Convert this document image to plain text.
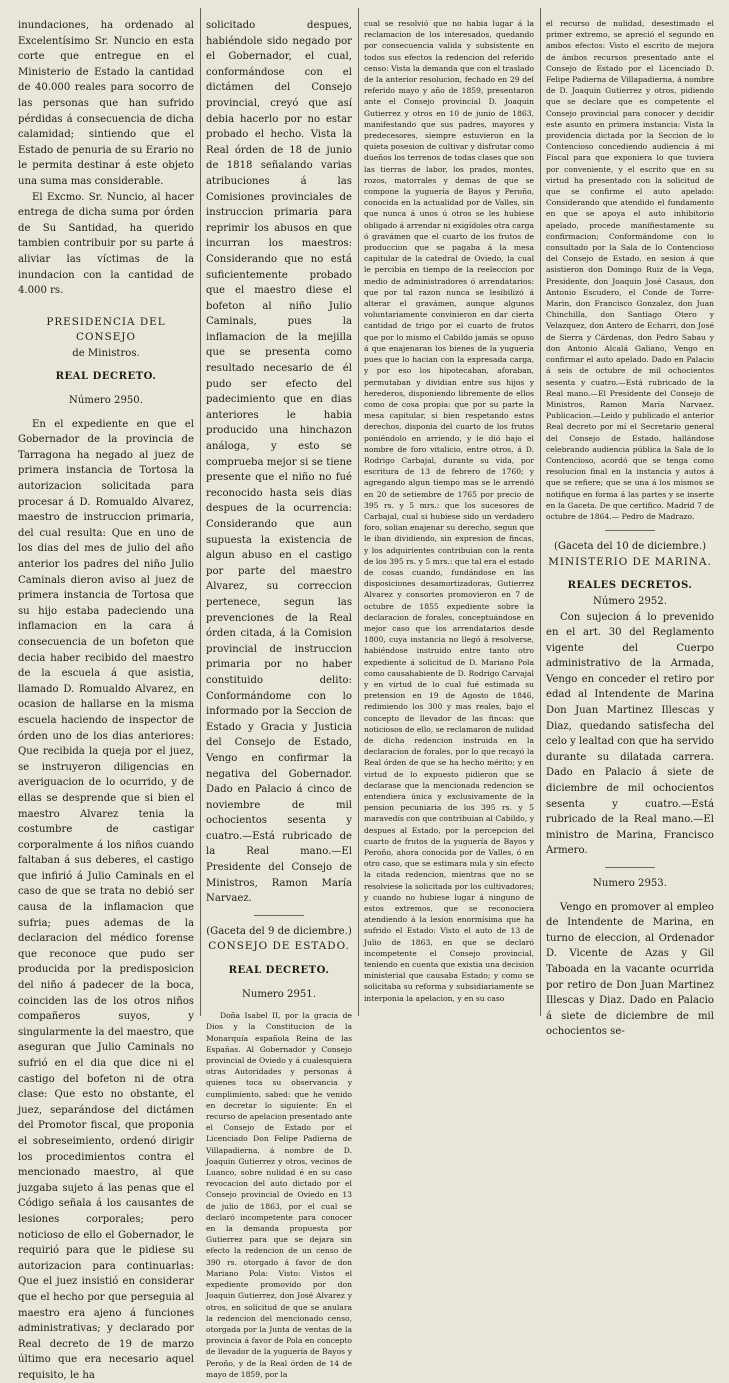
inundaciones, ha ordenado al Excelentísimo Sr. Nuncio en esta corte que entregue en el Ministerio de Estado la cantidad de 40.000 reales para socorro de las personas que han sufrido pérdidas á consecuencia de dicha calamidad; sintiendo que el Estado de penuria de su Erario no le permita destinar á este objeto una suma mas considerable.

El Excmo. Sr. Nuncio, al hacer entrega de dicha suma por órden de Su Santidad, ha querido tambien contribuir por su parte á aliviar las víctimas de la inundacion con la cantidad de 4.000 rs.

PRESIDENCIA DEL CONSEJO

de Ministros.

REAL DECRETO.

Número 2950.

En el expediente en que el Gobernador de la provincia de Tarragona ha negado al juez de primera instancia de Tortosa la autorizacion solicitada para procesar á D. Romualdo Alvarez, maestro de instruccion primaria, del cual resulta: Que en uno de los dias del mes de julio del año anterior los padres del niño Julio Caminals dieron aviso al juez de primera instancia de Tortosa que su hijo estaba padeciendo una inflamacion en la cara á consecuencia de un bofeton que decia haber recibido del maestro de la escuela á que asistia, llamado D. Romualdo Alvarez, en ocasion de hallarse en la misma escuela haciendo de inspector de órden uno de los dias anteriores: Que recibida la queja por el juez, se instruyeron diligencias en averiguacion de lo ocurrido, y de ellas se desprende que si bien el maestro Alvarez tenia la costumbre de castigar corporalmente á los niños cuando faltaban á sus deberes, el castigo que infirió á Julio Caminals en el caso de que se trata no debió ser causa de la inflamacion que sufria; pues ademas de la declaracion del médico forense que reconoce que pudo ser producida por la predisposicion del niño á padecer de la boca, coinciden las de los otros niños compañeros suyos, y singularmente la del maestro, que aseguran que Julio Caminals no sufrió en el dia que dice ni el castigo del bofeton ni de otra clase: Que esto no obstante, el juez, separándose del dictámen del Promotor fiscal, que proponia el sobreseimiento, ordenó dirigir los procedimientos contra el mencionado maestro, al que juzgaba sujeto á las penas que el Código señala á los causantes de lesiones corporales; pero noticioso de ello el Gobernador, le requirió para que le pidiese su autorizacion para continuarlas: Que el juez insistió en considerar que el hecho por que perseguia al maestro era ajeno á funciones administrativas; y declarado por Real decreto de 19 de marzo último que era necesario aquel requisito, le ha

solicitado despues, habiéndole sido negado por el Gobernador, el cual, conformándose con el dictámen del Consejo provincial, creyó que así debia hacerlo por no estar probado el hecho. Vista la Real órden de 18 de junio de 1818 señalando varias atribuciones á las Comisiones provinciales de instruccion primaria para reprimir los abusos en que incurran los maestros: Considerando que no está suficientemente probado que el maestro diese el bofeton al niño Julio Caminals, pues la inflamacion de la mejilla que se presenta como resultado necesario de él pudo ser efecto del padecimiento que en dias anteriores le habia producido una hinchazon análoga, y esto se comprueba mejor si se tiene presente que el niño no fué reconocido hasta seis dias despues de la ocurrencia: Considerando que aun supuesta la existencia de algun abuso en el castigo por parte del maestro Alvarez, su correccion pertenece, segun las prevenciones de la Real órden citada, á la Comision provincial de instruccion primaria por no haber constituido delito: Conformándome con lo informado por la Seccion de Estado y Gracia y Justicia del Consejo de Estado, Vengo en confirmar la negativa del Gobernador. Dado en Palacio á cinco de noviembre de mil ochocientos sesenta y cuatro.—Está rubricado de la Real mano.—El Presidente del Consejo de Ministros, Ramon María Narvaez.

(Gaceta del 9 de diciembre.)

CONSEJO DE ESTADO.

REAL DECRETO.

Numero 2951.

Doña Isabel II, por la gracia de Dios y la Constitucion de la Monarquía española Reina de las Españas. Al Gobernador y Consejo provincial de Oviedo y á cualesquiera otras Autoridades y personas á quienes toca su observancia y cumplimiento, sabed: que he venido en decretar lo siguiente: En el recurso de apelacion presentado ante el Consejo de Estado por el Licenciado Don Felipe Padierna de Villapadierna, á nombre de D. Joaquin Gutierrez y otros, vecinos de Luanco, sobre nulidad é en su caso revocacion del auto dictado por el Consejo provincial de Oviedo en 13 de julio de 1863, por el cual se declaró incompetente para conocer en la demanda propuesta por Gutierrez para que se dejara sin efecto la redencion de un censo de 390 rs. otorgado á favor de don Mariano Pola: Visto: Vistos el expediente promovido por don Joaquin Gutierrez, don José Alvarez y otros, en solicitud de que se anulara la redencion del mencionado censo, otorgada por la Junta de ventas de la provincia á favor de Pola en concepto de llevador de la yuguería de Bayos y Peroño, y de la Real órden de 14 de mayo de 1859, por la

cual se resolvió que no habia lugar á la reclamacion de los interesados, quedando por consecuencia valida y subsistente en todos sus efectos la redencion del referido censo: Vista la demanda que con el traslado de la anterior resolucion, fechado en 29 del referido mayo y año de 1859, presentaron ante el Consejo provincial D. Joaquin Gutierrez y otros en 10 de junio de 1863, manifestando que sus padres, mayores y predecesores, siempre estuvieron en la quieta posesion de cultivar y disfrutar como dueños los terrenos de todas clases que son las tierras de labor, los prados, montes, rozos, matorrales y demas de que se compone la yuguería de Bayos y Peroño, conocida en la actualidad por de Valles, sin que nunca á unos ú otros se les hubiese obligado á arrendar ni exigídoles otra carga ó gravámen que el cuarto de los frutos de produccion que se pagaba á la mesa capitular de la catedral de Oviedo, la cual le percibia en tiempo de la reeleccion por medio de administradores ó arrendatarios: que por tal razon nunca se lesibilizó á alterar el gravámen, aunque algunos voluntariamente convinieron en dar cierta cantidad de trigo por el cuarto de frutos que por lo mismo el Cabildo jamás se opuso á que enajenaran los bienes de la yuguería pues que lo hacian con la expresada carga, y por eso los hipotecaban, aforaban, permutaban y dividian entre sus hijos y herederos, disponiendo libremente de ellos como de cosa propia: que por su parte la mesa capitular, si bien respetando estos derechos, disponia del cuarto de los frutos poniéndolo en arriendo, y le dió bajo el nombre de foro vitalicio, entre otros, á D. Rodrigo Carbajal, durante su vida, por escritura de 13 de febrero de 1760; y agregando algun tiempo mas se le arrendó en 20 de setiembre de 1765 por precio de 395 rs. y 5 mrs.: que los sucesores de Carbajal, cual si hubiese sido un verdadero foro, solian enajenar su derecho, segun que le iban dividiendo, sin expresion de fincas, y los adquirientes contribuian con la renta de los 395 rs. y 5 mrs.: que tal era el estado de cosas cuando, fundándose en las disposiciones desamortizadoras, Gutierrez Alvarez y consortes promovieron en 7 de octubre de 1855 expediente sobre la declaracion de forales, conceptuándose en mejor caso que los arrendatarios desde 1800, cuya instancia no llegó á resolverse, habiéndose instruido entre tanto otro expediente á solicitud de D. Mariano Pola como causahabiente de D. Rodrigo Carvajal y en virtud de lo cual fué estimada su pretension en 19 de Agosto de 1846, redimiendo los 300 y mas reales, bajo el concepto de llevador de las fincas: que noticiosos de ello, se reclamaron de nulidad de dicha redencion instruida en la declaracion de forales, por lo que recayó la Real órden de que se ha hecho mérito; y en virtud de lo expuesto pidieron que se declarase que la mencionada redencion se entendiera única y exclusivamente de la pension pecuniaria de los 395 rs. y 5 maravedís con que contribuian al Cabildo, y despues al Estado, por la percepcion del cuarto de frutos de la yuguería de Bayos y Peroño, ahora conocida por de Valles, ó en otro caso, que se estimara nula y sin efecto la citada redencion, mientras que no se resolviese la solicitada por los cultivadores; y cuando no hubiese lugar á ninguno de estos extremos, que se reconociera atendiendo á la lesion enormísima que ha sufrido el Estado: Visto el auto de 13 de Julio de 1863, en que se declaró incompetente el Consejo provincial, teniendo en cuenta que existia una decision ministerial que causaba Estado; y como se solicitaba su reforma y subsidiariamente se interponia la apelacion, y en su caso

el recurso de nulidad, desestimado el primer extremo, se apreció el segundo en ambos efectos: Visto el escrito de mejora de ámbos recursos presentado ante el Consejo de Estado por el Licenciado D. Felipe Padierna de Villapadierna, á nombre de D. Joaquin Gutierrez y otros, pidiendo que se declare que es competente el Consejo provincial para conocer y decidir este asunto en primera instancia: Vista la providencia dictada por la Seccion de lo Contencioso concediendo audiencia á mi Fiscal para que exponiera lo que tuviera por conveniente, y el escrito que en su virtud ha presentado con la solicitud de que se confirme el auto apelado: Considerando que atendido el fundamento en que se apoya el auto inhibitorio apelado, procede manifiestamente su confirmacion; Conformándome con lo consultado por la Sala de lo Contencioso del Consejo de Estado, en sesion á que asistieron don Domingo Ruiz de la Vega, Presidente, don Joaquin José Casaus, don Antonio Escudero, el Conde de Torre-Marin, don Francisco Gonzalez, don Juan Chinchilla, don Santiago Otero y Velazquez, don Antero de Echarri, don José de Sierra y Cárdenas, don Pedro Sabau y don Antonio Alcalá Galiano, Vengo en confirmar el auto apelado. Dado en Palacio á seis de octubre de mil ochocientos sesenta y cuatro.—Está rubricado de la Real mano.—El Presidente del Consejo de Ministros, Ramon María Narvaez. Publicacion.—Leido y publicado el anterior Real decreto por mí el Secretario general del Consejo de Estado, hallándose celebrando audiencia pública la Sala de lo Contencioso, acordó que se tenga como resolucion final en la instancia y autos á que se refiere; que se una á los mismos se notifique en forma á las partes y se inserte en la Gaceta. De que certifico. Madrid 7 de octubre de 1864.— Pedro de Madrazo.

(Gaceta del 10 de diciembre.)

MINISTERIO DE MARINA.

REALES DECRETOS.

Número 2952.

Con sujecion á lo prevenido en el art. 30 del Reglamento vigente del Cuerpo administrativo de la Armada, Vengo en conceder el retiro por edad al Intendente de Marina Don Juan Martinez Illescas y Diaz, quedando satisfecha del celo y lealtad con que ha servido durante su dilatada carrera. Dado en Palacio á siete de diciembre de mil ochocientos sesenta y cuatro.—Está rubricado de la Real mano.—El ministro de Marina, Francisco Armero.

Numero 2953.

Vengo en promover al empleo de Intendente de Marina, en turno de eleccion, al Ordenador D. Vicente de Azas y Gil Taboada en la vacante ocurrida por retiro de Don Juan Martinez Illescas y Diaz. Dado en Palacio á siete de diciembre de mil ochocientos se-
